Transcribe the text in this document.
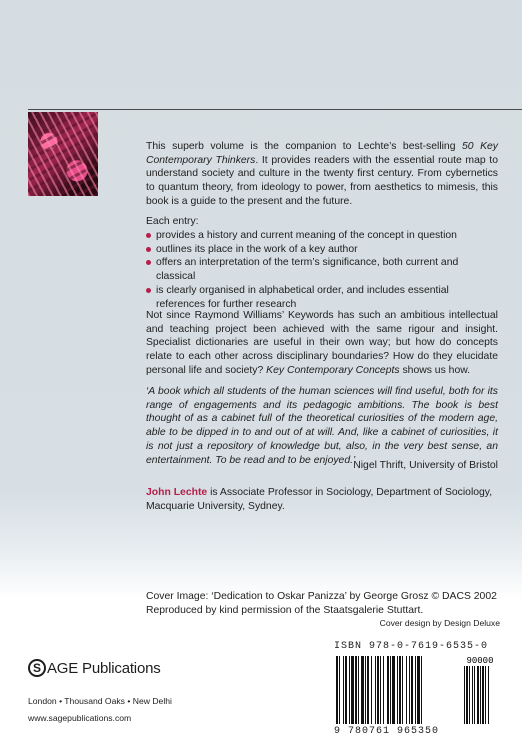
This superb volume is the companion to Lechte’s best-selling 50 Key Contemporary Thinkers. It provides readers with the essential route map to understand society and culture in the twenty first century. From cybernetics to quantum theory, from ideology to power, from aesthetics to mimesis, this book is a guide to the present and the future.

Each entry:
provides a history and current meaning of the concept in question
outlines its place in the work of a key author
offers an interpretation of the term’s significance, both current and classical
is clearly organised in alphabetical order, and includes essential references for further research

Not since Raymond Williams’ Keywords has such an ambitious intellectual and teaching project been achieved with the same rigour and insight. Specialist dictionaries are useful in their own way; but how do concepts relate to each other across disciplinary boundaries? How do they elucidate personal life and society? Key Contemporary Concepts shows us how.

‘A book which all students of the human sciences will find useful, both for its range of engagements and its pedagogic ambitions. The book is best thought of as a cabinet full of the theoretical curiosities of the modern age, able to be dipped in to and out of at will. And, like a cabinet of curiosities, it is not just a repository of knowledge but, also, in the very best sense, an entertainment. To be read and to be enjoyed.’

Nigel Thrift, University of Bristol

John Lechte is Associate Professor in Sociology, Department of Sociology, Macquarie University, Sydney.

Cover Image: ‘Dedication to Oskar Panizza’ by George Grosz © DACS 2002
Reproduced by kind permission of the Staatsgalerie Stuttart.
Cover design by Design Deluxe
ISBN 978-0-7619-6535-0
90000
9 780761 965350
S AGE Publications
London • Thousand Oaks • New Delhi
www.sagepublications.com
